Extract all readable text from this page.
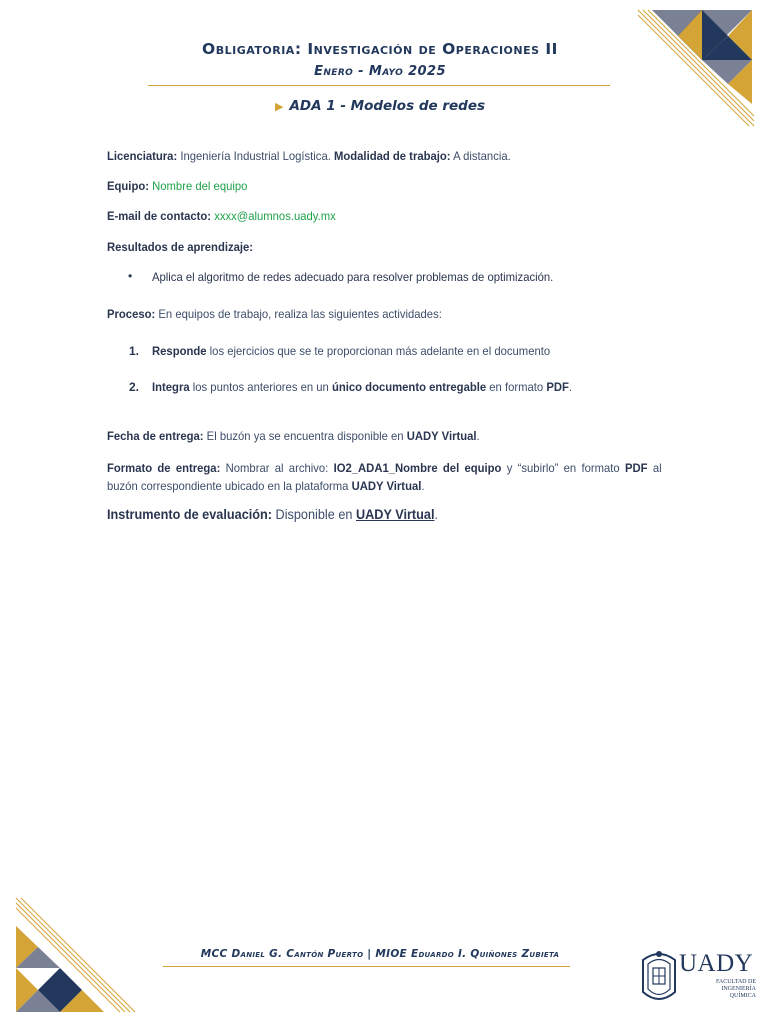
Obligatoria: Investigación de Operaciones II
Enero - Mayo 2025
▶ ADA 1 - Modelos de redes
Licenciatura: Ingeniería Industrial Logística. Modalidad de trabajo: A distancia.
Equipo: Nombre del equipo
E-mail de contacto: xxxx@alumnos.uady.mx
Resultados de aprendizaje:
• Aplica el algoritmo de redes adecuado para resolver problemas de optimización.
Proceso: En equipos de trabajo, realiza las siguientes actividades:
1. Responde los ejercicios que se te proporcionan más adelante en el documento
2. Integra los puntos anteriores en un único documento entregable en formato PDF.
Fecha de entrega: El buzón ya se encuentra disponible en UADY Virtual.
Formato de entrega: Nombrar al archivo: IO2_ADA1_Nombre del equipo y “subirlo” en formato PDF al buzón correspondiente ubicado en la plataforma UADY Virtual.
Instrumento de evaluación: Disponible en UADY Virtual.
MCC Daniel G. Cantón Puerto | MIOE Eduardo I. Quiñones Zubieta	UADY
FACULTAD DE
INGENIERÍA
QUÍMICA
